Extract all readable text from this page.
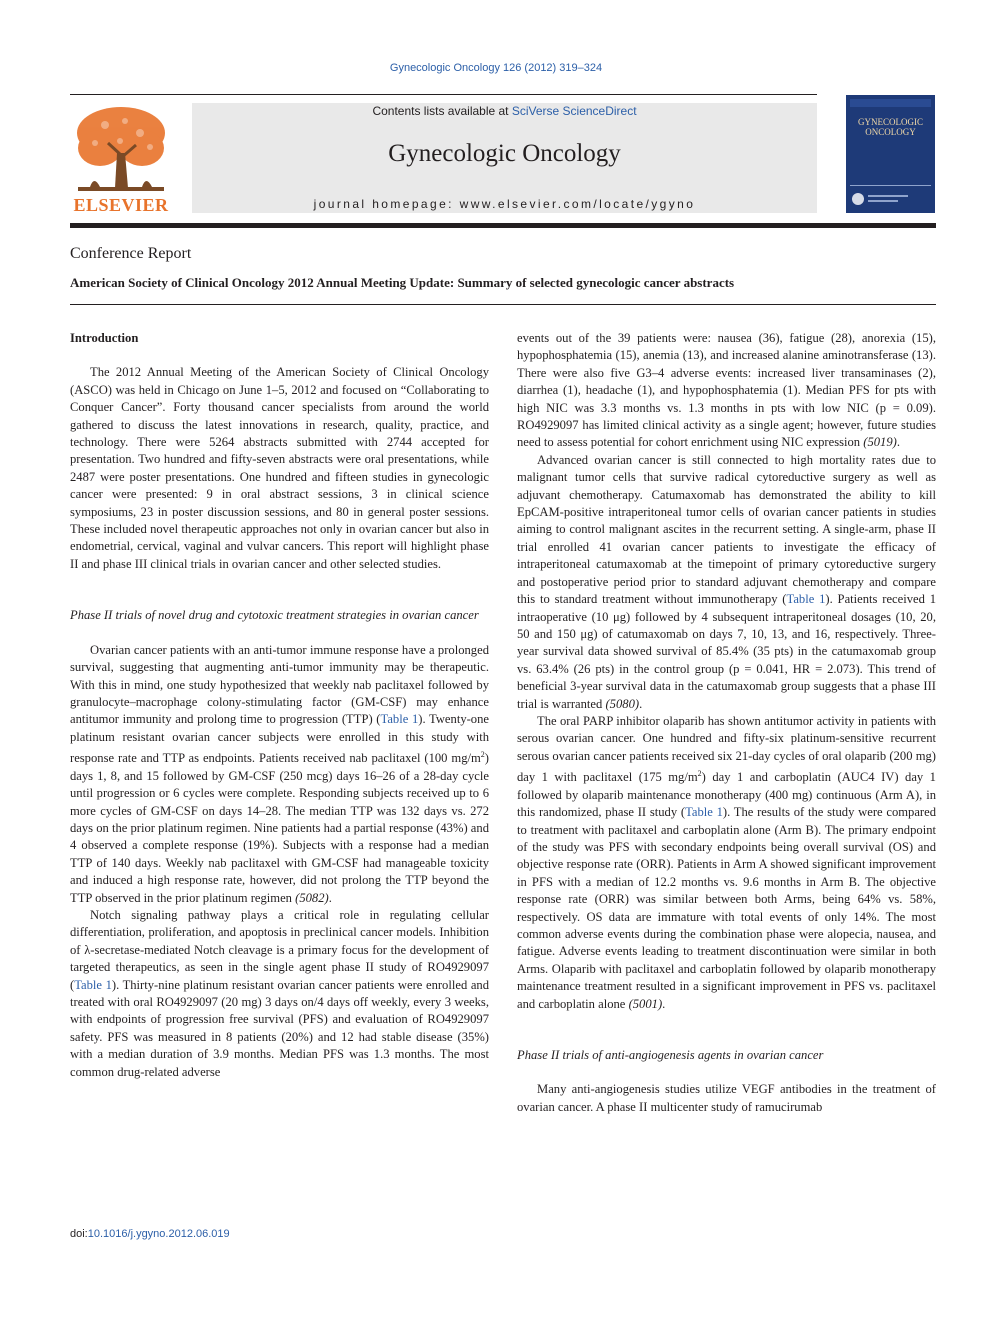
Gynecologic Oncology 126 (2012) 319–324
ELSEVIER
Contents lists available at SciVerse ScienceDirect
Gynecologic Oncology
journal homepage: www.elsevier.com/locate/ygyno
GYNECOLOGIC ONCOLOGY
Conference Report
American Society of Clinical Oncology 2012 Annual Meeting Update: Summary of selected gynecologic cancer abstracts
Introduction

The 2012 Annual Meeting of the American Society of Clinical Oncology (ASCO) was held in Chicago on June 1–5, 2012 and focused on “Collaborating to Conquer Cancer”. Forty thousand cancer specialists from around the world gathered to discuss the latest innovations in research, quality, practice, and technology. There were 5264 abstracts submitted with 2744 accepted for presentation. Two hundred and fifty-seven abstracts were oral presentations, while 2487 were poster presentations. One hundred and fifteen studies in gynecologic cancer were presented: 9 in oral abstract sessions, 3 in clinical science symposiums, 23 in poster discussion sessions, and 80 in general poster sessions. These included novel therapeutic approaches not only in ovarian cancer but also in endometrial, cervical, vaginal and vulvar cancers. This report will highlight phase II and phase III clinical trials in ovarian cancer and other selected studies.

Phase II trials of novel drug and cytotoxic treatment strategies in ovarian cancer

Ovarian cancer patients with an anti-tumor immune response have a prolonged survival, suggesting that augmenting anti-tumor immunity may be therapeutic. With this in mind, one study hypothesized that weekly nab paclitaxel followed by granulocyte–macrophage colony-stimulating factor (GM-CSF) may enhance antitumor immunity and prolong time to progression (TTP) (Table 1). Twenty-one platinum resistant ovarian cancer subjects were enrolled in this study with response rate and TTP as endpoints. Patients received nab paclitaxel (100 $mg/m^2$) days 1, 8, and 15 followed by GM-CSF (250 mcg) days 16–26 of a 28-day cycle until progression or 6 cycles were complete. Responding subjects received up to 6 more cycles of GM-CSF on days 14–28. The median TTP was 132 days vs. 272 days on the prior platinum regimen. Nine patients had a partial response (43%) and 4 observed a complete response (19%). Subjects with a response had a median TTP of 140 days. Weekly nab paclitaxel with GM-CSF had manageable toxicity and induced a high response rate, however, did not prolong the TTP beyond the TTP observed in the prior platinum regimen (5082).

Notch signaling pathway plays a critical role in regulating cellular differentiation, proliferation, and apoptosis in preclinical cancer models. Inhibition of λ-secretase-mediated Notch cleavage is a primary focus for the development of targeted therapeutics, as seen in the single agent phase II study of RO4929097 (Table 1). Thirty-nine platinum resistant ovarian cancer patients were enrolled and treated with oral RO4929097 (20 mg) 3 days on/4 days off weekly, every 3 weeks, with endpoints of progression free survival (PFS) and evaluation of RO4929097 safety. PFS was measured in 8 patients (20%) and 12 had stable disease (35%) with a median duration of 3.9 months. Median PFS was 1.3 months. The most common drug-related adverse

events out of the 39 patients were: nausea (36), fatigue (28), anorexia (15), hypophosphatemia (15), anemia (13), and increased alanine aminotransferase (13). There were also five G3–4 adverse events: increased liver transaminases (2), diarrhea (1), headache (1), and hypophosphatemia (1). Median PFS for pts with high NIC was 3.3 months vs. 1.3 months in pts with low NIC (p = 0.09). RO4929097 has limited clinical activity as a single agent; however, future studies need to assess potential for cohort enrichment using NIC expression (5019).

Advanced ovarian cancer is still connected to high mortality rates due to malignant tumor cells that survive radical cytoreductive surgery as well as adjuvant chemotherapy. Catumaxomab has demonstrated the ability to kill EpCAM-positive intraperitoneal tumor cells of ovarian cancer patients in studies aiming to control malignant ascites in the recurrent setting. A single-arm, phase II trial enrolled 41 ovarian cancer patients to investigate the efficacy of intraperitoneal catumaxomab at the timepoint of primary cytoreductive surgery and postoperative period prior to standard adjuvant chemotherapy and compare this to standard treatment without immunotherapy (Table 1). Patients received 1 intraoperative (10 μg) followed by 4 subsequent intraperitoneal dosages (10, 20, 50 and 150 μg) of catumaxomab on days 7, 10, 13, and 16, respectively. Three-year survival data showed survival of 85.4% (35 pts) in the catumaxomab group vs. 63.4% (26 pts) in the control group (p = 0.041, HR = 2.073). This trend of beneficial 3-year survival data in the catumaxomab group suggests that a phase III trial is warranted (5080).

The oral PARP inhibitor olaparib has shown antitumor activity in patients with serous ovarian cancer. One hundred and fifty-six platinum-sensitive recurrent serous ovarian cancer patients received six 21-day cycles of oral olaparib (200 mg) day 1 with paclitaxel (175 $mg/m^2$) day 1 and carboplatin (AUC4 IV) day 1 followed by olaparib maintenance monotherapy (400 mg) continuous (Arm A), in this randomized, phase II study (Table 1). The results of the study were compared to treatment with paclitaxel and carboplatin alone (Arm B). The primary endpoint of the study was PFS with secondary endpoints being overall survival (OS) and objective response rate (ORR). Patients in Arm A showed significant improvement in PFS with a median of 12.2 months vs. 9.6 months in Arm B. The objective response rate (ORR) was similar between both Arms, being 64% vs. 58%, respectively. OS data are immature with total events of only 14%. The most common adverse events during the combination phase were alopecia, nausea, and fatigue. Adverse events leading to treatment discontinuation were similar in both Arms. Olaparib with paclitaxel and carboplatin followed by olaparib monotherapy maintenance treatment resulted in a significant improvement in PFS vs. paclitaxel and carboplatin alone (5001).

Phase II trials of anti-angiogenesis agents in ovarian cancer

Many anti-angiogenesis studies utilize VEGF antibodies in the treatment of ovarian cancer. A phase II multicenter study of ramucirumab

doi:10.1016/j.ygyno.2012.06.019
